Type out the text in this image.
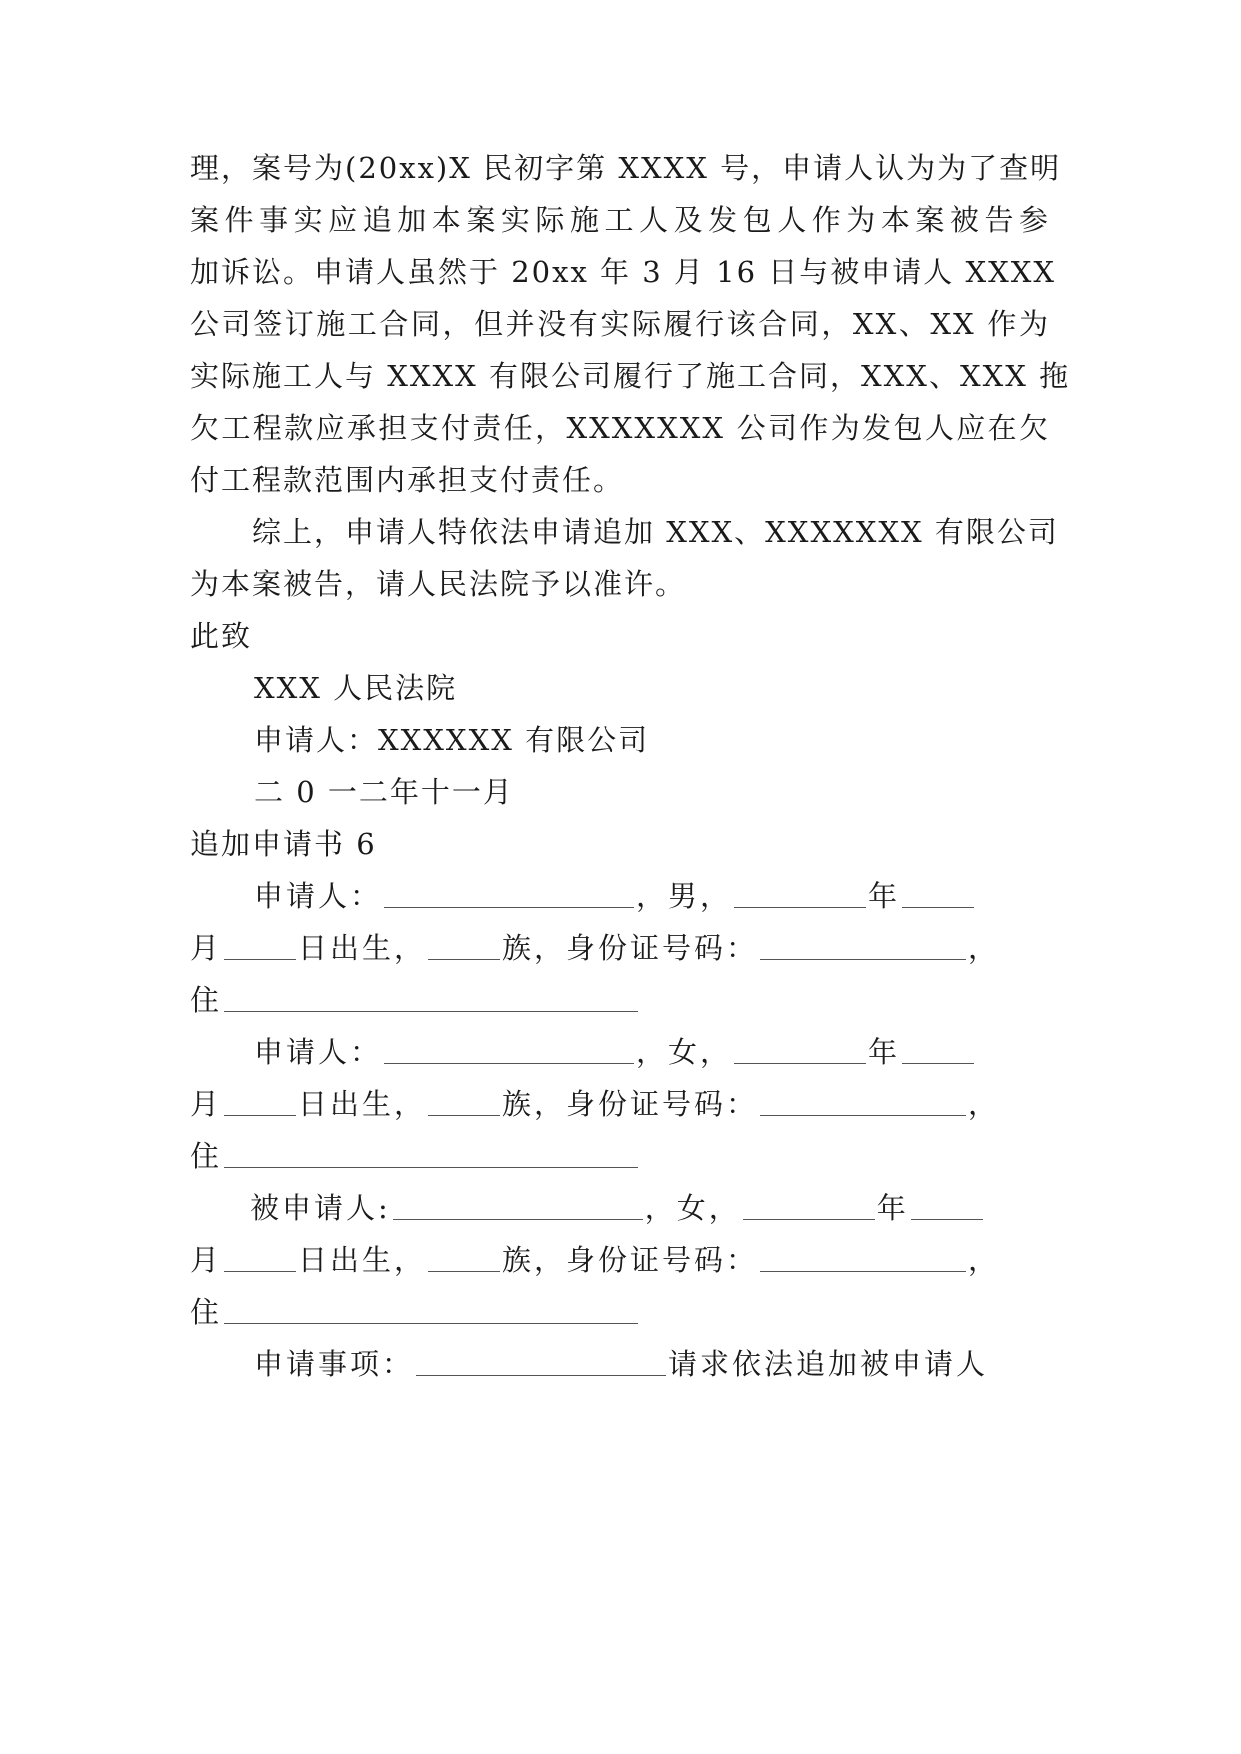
理，案号为(20xx)X 民初字第 XXXX 号，申请人认为为了查明
案件事实应追加本案实际施工人及发包人作为本案被告参
加诉讼。申请人虽然于 20xx 年 3 月 16 日与被申请人 XXXX
公司签订施工合同，但并没有实际履行该合同，XX、XX 作为
实际施工人与 XXXX 有限公司履行了施工合同，XXX、XXX 拖
欠工程款应承担支付责任，XXXXXXX 公司作为发包人应在欠
付工程款范围内承担支付责任。
综上，申请人特依法申请追加 XXX、XXXXXXX 有限公司
为本案被告，请人民法院予以准许。
此致
XXX 人民法院
申请人：XXXXXX 有限公司
二 0 一二年十一月
追加申请书 6
申请人：	，男，	年
月	日出生，	族，身份证号码：	，
住
申请人：	，女，	年
月	日出生，	族，身份证号码：	，
住
被申请人:	，女，	年
月	日出生，	族，身份证号码：	，
住
申请事项：	请求依法追加被申请人
